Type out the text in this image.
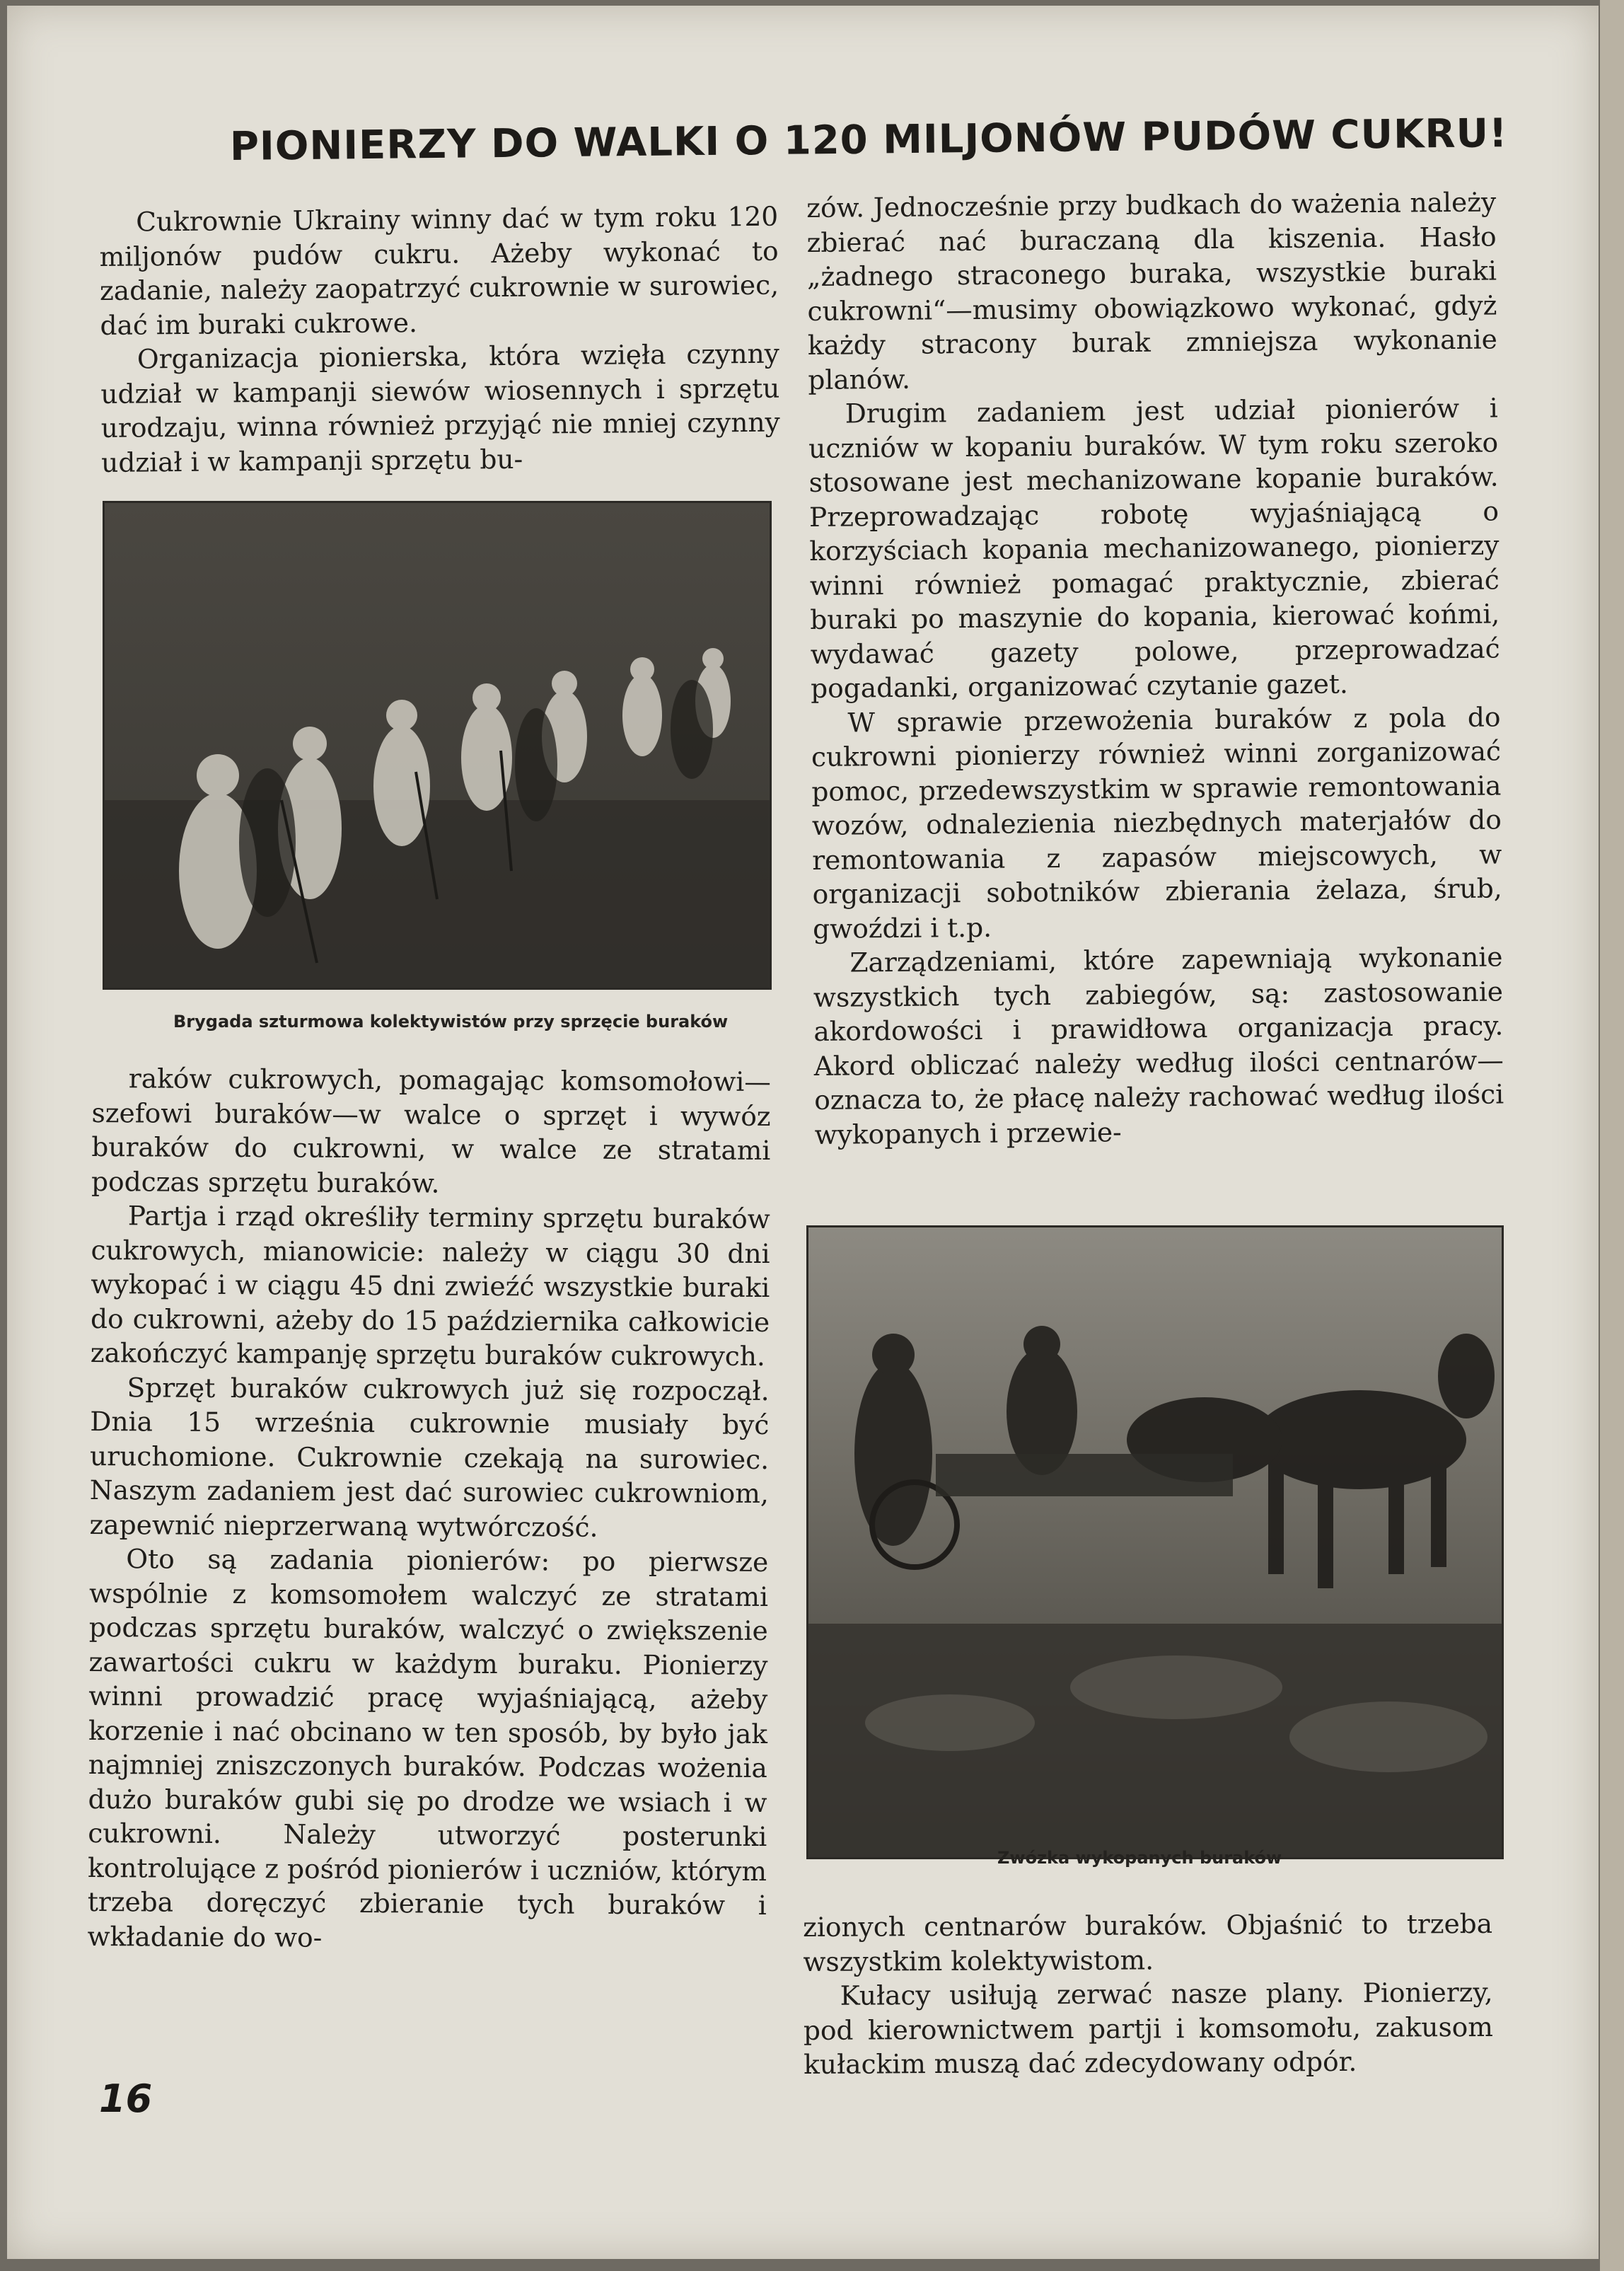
PIONIERZY DO WALKI O 120 MILJONÓW PUDÓW CUKRU!

Cukrownie Ukrainy winny dać w tym roku 120 miljonów pudów cukru. Ażeby wykonać to zadanie, należy zaopatrzyć cukrownie w surowiec, dać im buraki cukrowe.

Organizacja pionierska, która wzięła czynny udział w kampanji siewów wiosennych i sprzętu urodzaju, winna również przyjąć nie mniej czynny udział i w kampanji sprzętu bu-

Brygada szturmowa kolektywistów przy sprzęcie buraków

raków cukrowych, pomagając komsomołowi—szefowi buraków—w walce o sprzęt i wywóz buraków do cukrowni, w walce ze stratami podczas sprzętu buraków.

Partja i rząd określiły terminy sprzętu buraków cukrowych, mianowicie: należy w ciągu 30 dni wykopać i w ciągu 45 dni zwieźć wszystkie buraki do cukrowni, ażeby do 15 października całkowicie zakończyć kampanję sprzętu buraków cukrowych.

Sprzęt buraków cukrowych już się rozpoczął. Dnia 15 września cukrownie musiały być uruchomione. Cukrownie czekają na surowiec. Naszym zadaniem jest dać surowiec cukrowniom, zapewnić nieprzerwaną wytwórczość.

Oto są zadania pionierów: po pierwsze wspólnie z komsomołem walczyć ze stratami podczas sprzętu buraków, walczyć o zwiększenie zawartości cukru w każdym buraku. Pionierzy winni prowadzić pracę wyjaśniającą, ażeby korzenie i nać obcinano w ten sposób, by było jak najmniej zniszczonych buraków. Podczas wożenia dużo buraków gubi się po drodze we wsiach i w cukrowni. Należy utworzyć posterunki kontrolujące z pośród pionierów i uczniów, którym trzeba doręczyć zbieranie tych buraków i wkładanie do wo-

zów. Jednocześnie przy budkach do ważenia należy zbierać nać buraczaną dla kiszenia. Hasło „żadnego straconego buraka, wszystkie buraki cukrowni“—musimy obowiązkowo wykonać, gdyż każdy stracony burak zmniejsza wykonanie planów.

Drugim zadaniem jest udział pionierów i uczniów w kopaniu buraków. W tym roku szeroko stosowane jest mechanizowane kopanie buraków. Przeprowadzając robotę wyjaśniającą o korzyściach kopania mechanizowanego, pionierzy winni również pomagać praktycznie, zbierać buraki po maszynie do kopania, kierować końmi, wydawać gazety polowe, przeprowadzać pogadanki, organizować czytanie gazet.

W sprawie przewożenia buraków z pola do cukrowni pionierzy również winni zorganizować pomoc, przedewszystkim w sprawie remontowania wozów, odnalezienia niezbędnych materjałów do remontowania z zapasów miejscowych, w organizacji sobotników zbierania żelaza, śrub, gwoździ i t.p.

Zarządzeniami, które zapewniają wykonanie wszystkich tych zabiegów, są: zastosowanie akordowości i prawidłowa organizacja pracy. Akord obliczać należy według ilości centnarów—oznacza to, że płacę należy rachować według ilości wykopanych i przewie-

Zwózka wykopanych buraków

zionych centnarów buraków. Objaśnić to trzeba wszystkim kolektywistom.

Kułacy usiłują zerwać nasze plany. Pionierzy, pod kierownictwem partji i komsomołu, zakusom kułackim muszą dać zdecydowany odpór.

16
